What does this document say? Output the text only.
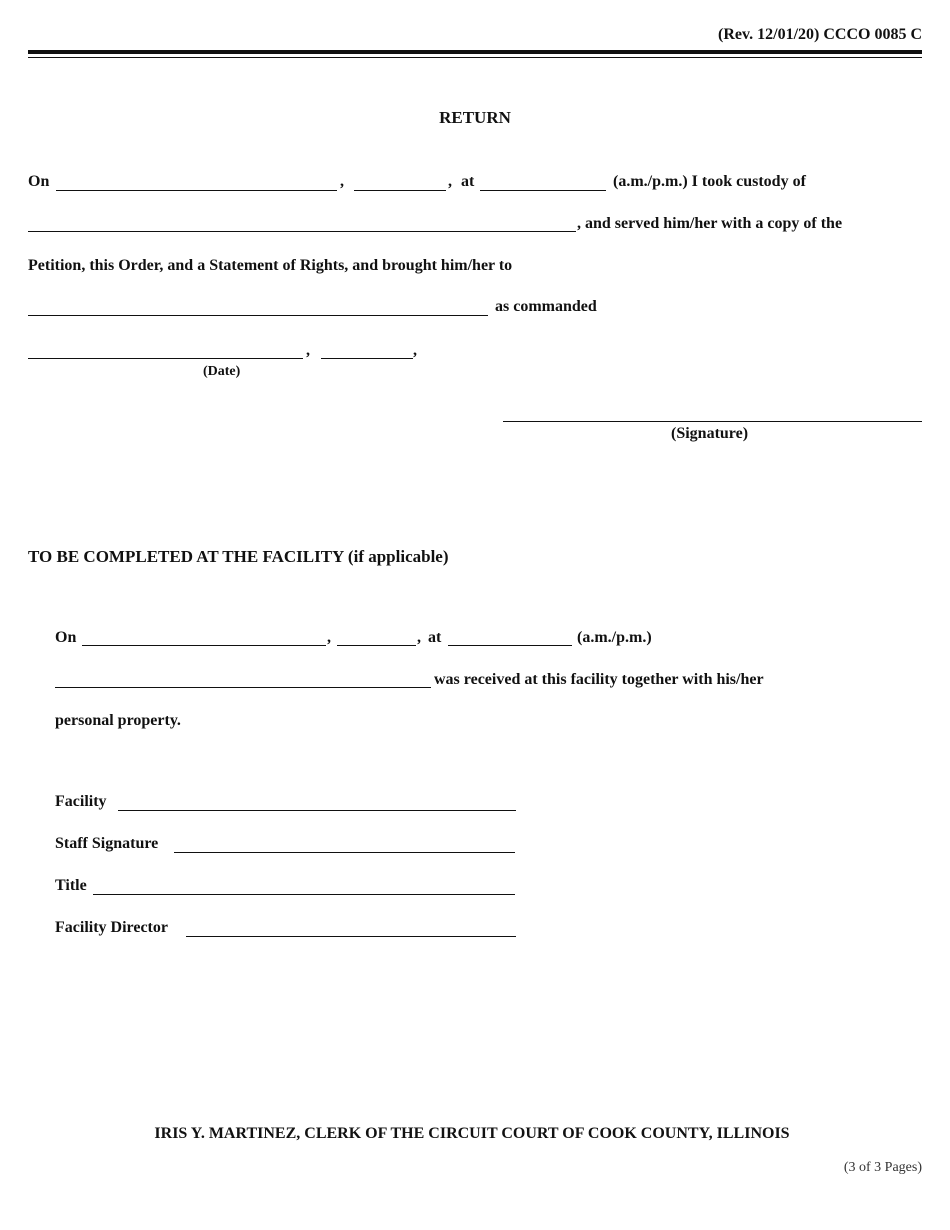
(Rev. 12/01/20) CCCO 0085 C
RETURN
On	,	, at	(a.m./p.m.) I took custody of
, and served him/her with a copy of the
Petition, this Order, and a Statement of Rights, and brought him/her to
as commanded
,	,
(Date)
(Signature)
TO BE COMPLETED AT THE FACILITY (if applicable)
On	,	, at	(a.m./p.m.)
was received at this facility together with his/her
personal property.
Facility
Staff Signature
Title
Facility Director
IRIS Y. MARTINEZ, CLERK OF THE CIRCUIT COURT OF COOK COUNTY, ILLINOIS
(3 of 3 Pages)
